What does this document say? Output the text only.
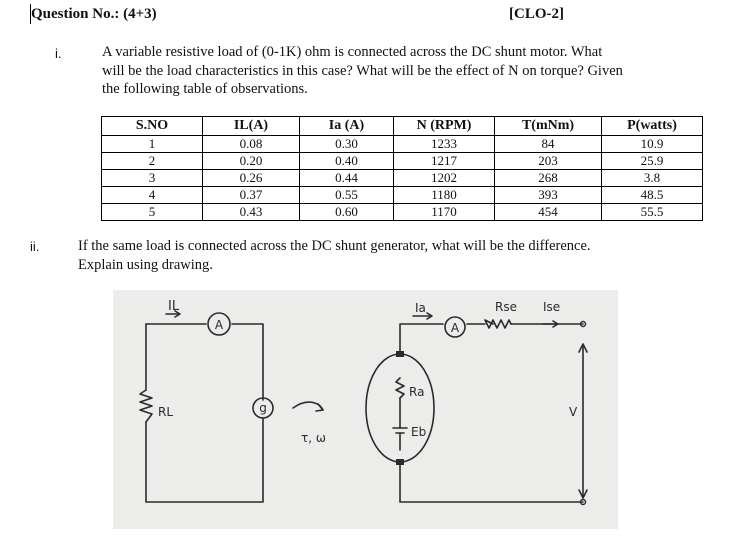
Question No.: (4+3)	[CLO-2]
i.	A variable resistive load of (0-1K) ohm is connected across the DC shunt motor. What
will be the load characteristics in this case? What will be the effect of N on torque? Given
the following table of observations.
S.NO	IL(A)	Ia (A)	N (RPM)	T(mNm)	P(watts)
1	0.08	0.30	1233	84	10.9
2	0.20	0.40	1217	203	25.9
3	0.26	0.44	1202	268	3.8
4	0.37	0.55	1180	393	48.5
5	0.43	0.60	1170	454	55.5
ii.	If the same load is connected across the DC shunt generator, what will be the difference.
Explain using drawing.
A
g
A
IL
RL
τ, ω
Ia
Ra
Eb
Rse Ise
V
